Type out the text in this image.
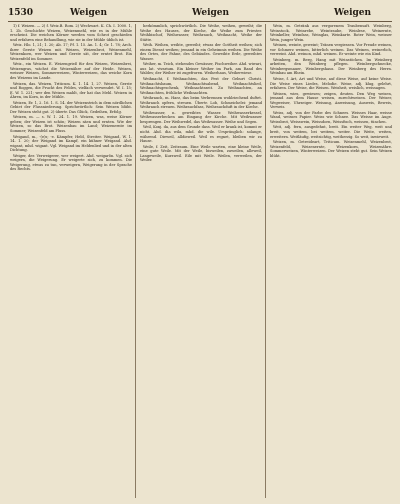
1530	Weigen	Weigen	Weigen

1) f. Weizen. — 2) f. Weiz.B. Rom. 2) Wechwart. K. Ch. I. 1000. 1, 1. 2b. Geschichte Weizen, Weizenmehl, wie es in der Mühle erscheint. Die weichen Körner werden vom Schrot geschieden und erfahren eine Behandlung, wie sie in der Mühle üblich ist.

Weiz. Hlo. 1, 21; 1. 20; Ab. 17; Pf. 1. 15. An. 1. 4; Gr. 1. 78; Arch. ihrer Gerste Weizen mit. Weizen, Weizenbrot, Weizenmehl, Weizenkorn, wer Weizen und Gerste sät, der erntet Brot. Ein Weizenfeld im Sommer.

Weiz., ein Weizen. E. Weizengrieß für den Weizen, Weizenbrei, Weizengras, wächst die Weizenähre auf der Heide. Weizen, weisser Weizen, Sommerweizen, Winterweizen, das weiche Korn des Weizens im Lande.

Weizen, das. Weizen, Triticum. K. 1. 14. 1, 27. Weizen, Gerste und Roggen, die Frucht des Feldes, vielfach verwendet. W. I. 15; E. W. 1. 221; wer den Weizen mahlt, der hat das Mehl. Weizen in Ähren, im Korn, in der Mühle.

Weizen, Er. 1, 2. 16. 1. S. 14. der Weizenstrich in dem nördlichen Gebiet der Flussniederung. Sprichwörtlich: Sein Weizen blüht. Der Weizen steht gut. 2) übertr. Das Glück, Gedeihen, Erfolg.

Weizen, m. — s. W. 1. 24. 1. 19. Weizen, was, weise Körner geben; der Weizen ist schön; Weizen säen und ernten. Wie der Weizen, so das Brot. Weizenbau im Land; Weizenernte im Sommer; Weizenfeld am Fluss.

Weigand, m., -(e)s; -e. Kämpfer, Held, Streiter. Weigand, W. 1. 14. 1. 20; der Weigand im Kampf, ein kühner Weigand. Ahd. wigant, mhd. wigant. Vgl. Weigand im Heldenlied und in der alten Dichtung.

Weiger, der. Verweigerer, wer weigert. Ahd. weigarôn. Vgl. sich weigern, die Weigerung. Er weigerte sich, zu kommen. Die Weigerung, etwas zu tun, verweigern, Weigerung in der Sprache des Rechts.

herkömmlich, sprichwörtlich. Die Weihe, weihen, geweiht; die Weihe des Hauses, der Kirche, die Weihe zum Priester. Weihbischof, Weihwasser, Weihrauch, Weihnacht, Weihe der Stätte.

Weih. Weihen, weihte, geweiht; etwas der Gottheit weihen; sich einem Dienst weihen; jemand in ein Geheimnis weihen. Die Weihe des Ortes, der Fahne, des Gebäudes. Geweihte Erde, geweihtes Wasser.

Weiher, m. Teich, stehendes Gewässer, Fischweiher. Ahd. wiwari, aus lat. vivarium. Ein kleiner Weiher im Park, am Rand des Waldes; der Weiher ist zugefroren. Weiherhaus, Weiherwiese.

Weihnacht, f. Weihnachten, das Fest der Geburt Christi. Weihnachtsbaum, Weihnachtsabend, Weihnachtslied, Weihnachtsgeschenk, Weihnachtszeit. Zu Weihnachten, an Weihnachten, fröhliche Weihnachten.

Weihrauch, m. Harz, das beim Verbrennen wohlriechend duftet. Weihrauch opfern, streuen. Übertr. Lob, Schmeichelei: jemand Weihrauch streuen. Weihrauchfass, Weihrauchduft in der Kirche.

Weihwasser, n. geweihtes Wasser. Weihwasserkessel, Weihwasserbecken am Eingang der Kirche. Mit Weihwasser besprengen. Der Weihwedel, das Weihwasser. Weihe und Segen.

Weil, Konj. da, aus dem Grunde dass. Weil er krank ist, kommt er nicht. Ahd. dia wila, mhd. die wile. Ursprünglich: solange, während. Dieweil, alldieweil. Weil es regnet, bleiben wir zu Hause.

Weile, f. Zeit, Zeitraum. Eine Weile warten, eine kleine Weile, eine gute Weile. Mit der Weile, bisweilen, zuweilen, alleweil, Langeweile, Kurzweil. Eile mit Weile. Weilen, verweilen, der Weiler.

Wein, m. Getränk aus vergorenem Traubensaft. Weinberg, Weinstock, Weinrebe, Weintraube, Weinlese, Weinernte, Weinkeller, Weinfass, Weinglas, Weinkarte. Roter Wein, weisser Wein, junger Wein.

Weinen, weinte, geweint; Tränen vergiessen. Vor Freude weinen, vor Schmerz weinen, bitterlich weinen. Das Weinen, weinerlich, verweint. Ahd. weinon, mhd. weinen. Er weinte wie ein Kind.

Weinberg, m. Berg, Hang mit Weinstöcken. Im Weinberg arbeiten, den Weinberg pflegen. Weinbergschnecke, Weinbergsmauer, Weinbergshaus. Der Weinberg des Herrn. Weinbau am Rhein.

Weise, f. Art, Art und Weise, auf diese Weise, auf keine Weise. Die Weise eines Liedes, Melodie. Weise, adj. klug, gelehrt, erfahren. Der Weise, die Weisen. Weisheit, weislich, weissagen.

Weisen, wies, gewiesen; zeigen, deuten. Den Weg weisen, jemand aus dem Hause weisen, zurechtweisen. Der Weiser, Wegweiser, Uhrzeiger. Weisung, Anweisung, Ausweis, Beweis, Verweis.

Weiss, adj. von der Farbe des Schnees. Weisses Haar, weisse Wand, weisses Papier. Weiss wie Schnee. Das Weisse im Auge. Weissbrot, Weisswein, Weissdorn, Weissfisch, weissen, tünchen.

Weit, adj. fern, ausgedehnt, breit. Ein weiter Weg, weit und breit, von weitem, bei weitem, weiter. Die Weite, weiten, erweitern. Weitläufig, weitsichtig, weitherzig. So weit, inwieweit.

Weizen, m. Getreideart, Triticum. Weizenmehl, Weizenbrot, Weizenfeld, Weizenernte, Weizenkorn, Weizenähre. Sommerweizen, Winterweizen. Der Weizen steht gut. Sein Weizen blüht.
